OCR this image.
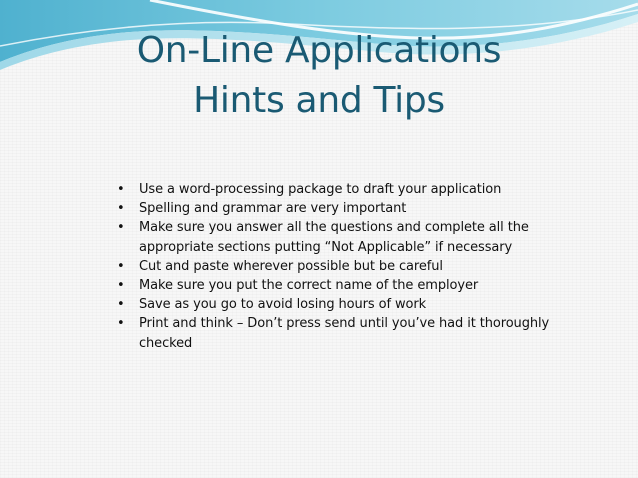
On-Line Applications
Hints and Tips
• Use a word-processing package to draft your application
• Spelling and grammar are very important
• Make sure you answer all the questions and complete all the appropriate sections putting “Not Applicable” if necessary
• Cut and paste wherever possible but be careful
• Make sure you put the correct name of the employer
• Save as you go to avoid losing hours of work
• Print and think – Don’t press send until you’ve had it thoroughly checked
